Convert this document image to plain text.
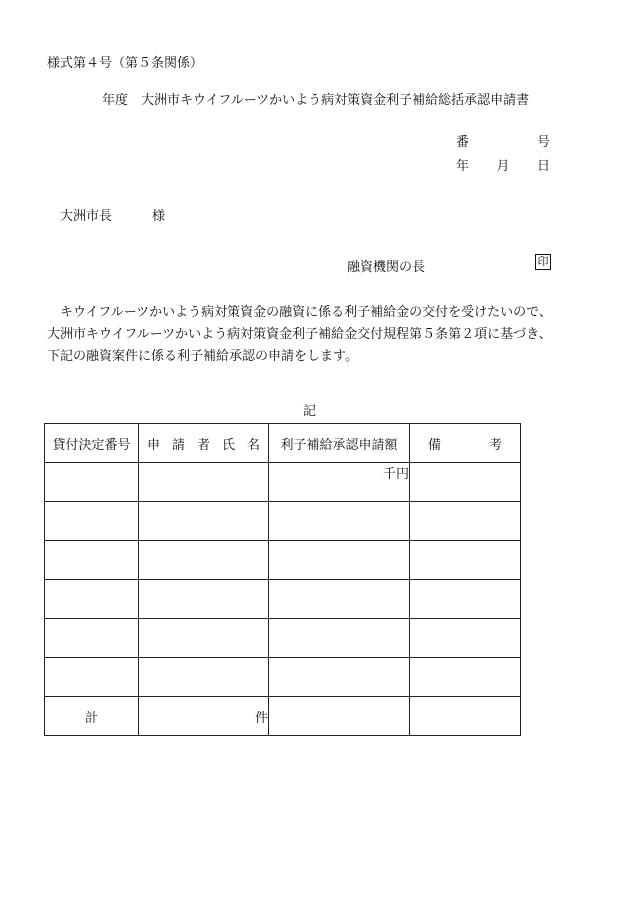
様式第４号（第５条関係）
年度　大洲市キウイフルーツかいよう病対策資金利子補給総括承認申請書
番	号
年 月 日
大洲市長	様
融資機関の長	印

　キウイフルーツかいよう病対策資金の融資に係る利子補給金の交付を受けたいので、

大洲市キウイフルーツかいよう病対策資金利子補給金交付規程第５条第２項に基づき、

下記の融資案件に係る利子補給承認の申請をします。

記
貸付決定番号	申 請 者 氏 名	利子補給承認申請額	備 考

		千円	

計	件		
